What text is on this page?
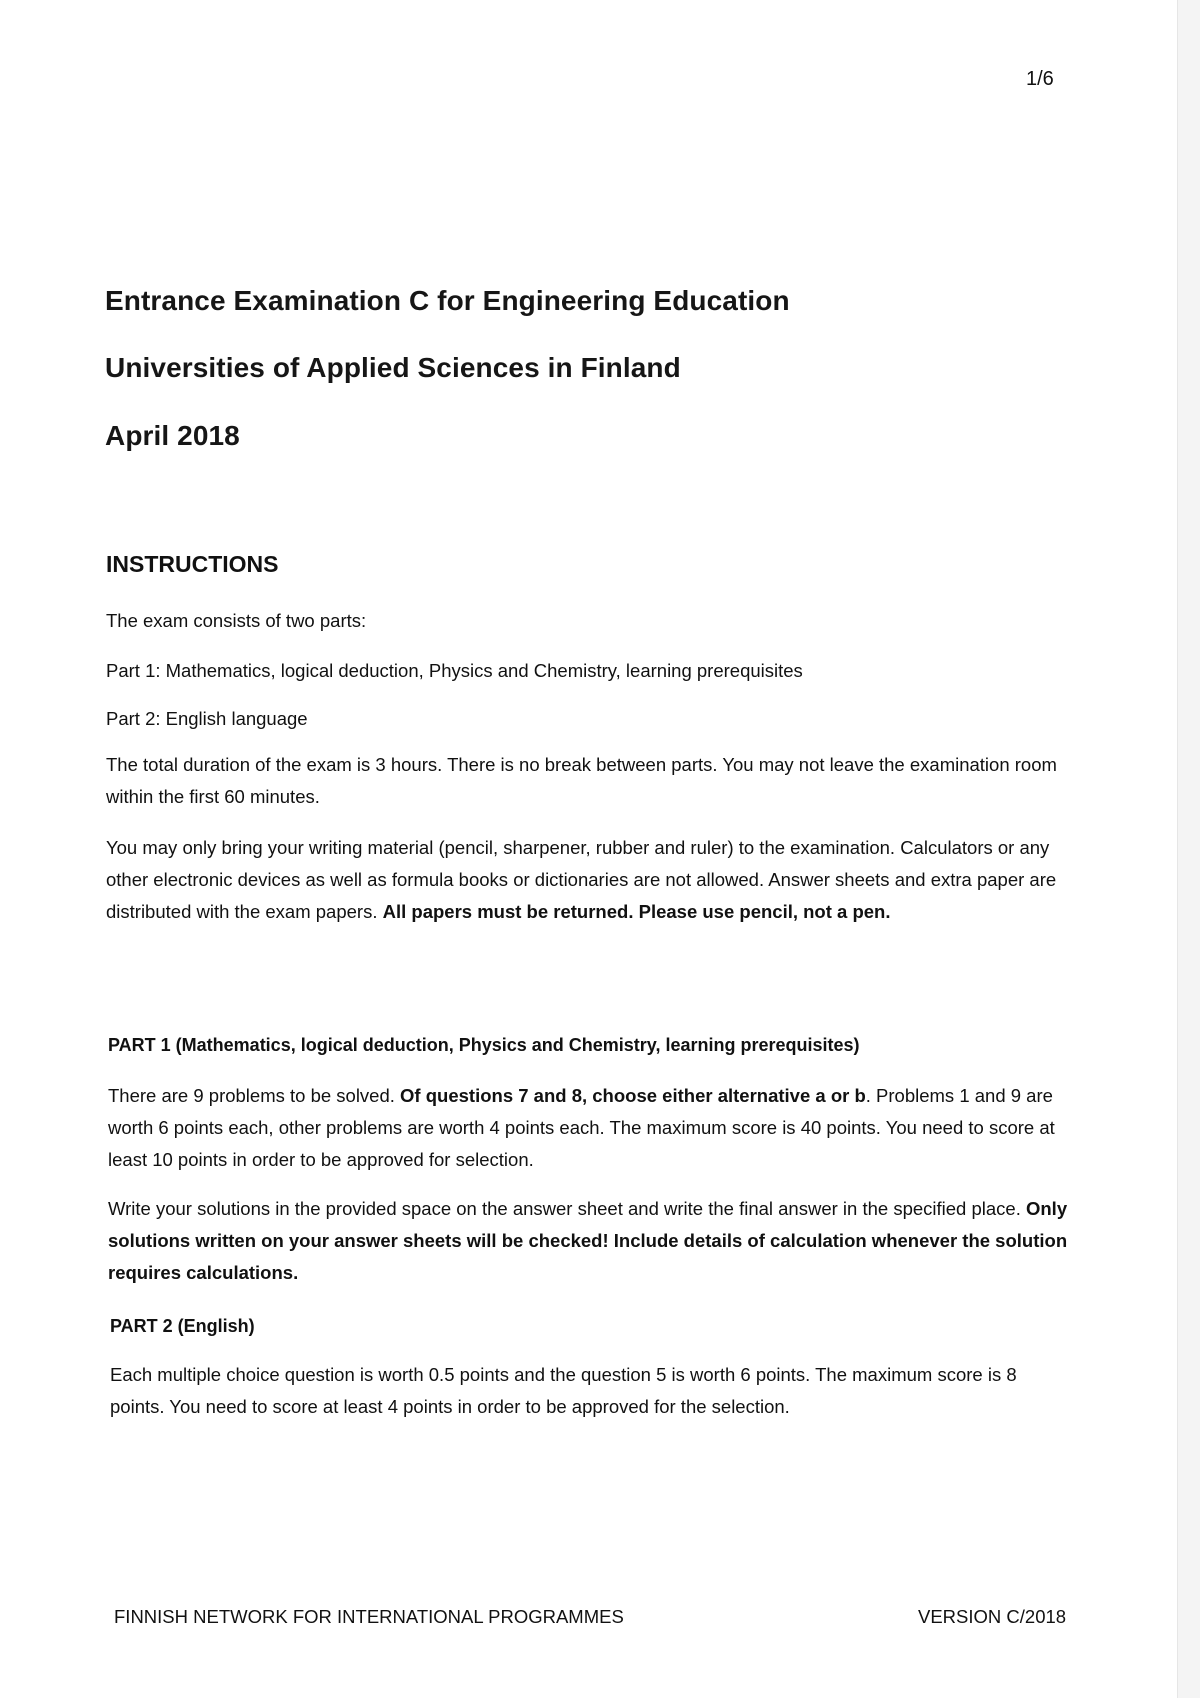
1/6
Entrance Examination C for Engineering Education
Universities of Applied Sciences in Finland
April 2018
INSTRUCTIONS

The exam consists of two parts:

Part 1: Mathematics, logical deduction, Physics and Chemistry, learning prerequisites

Part 2: English language

The total duration of the exam is 3 hours. There is no break between parts. You may not leave the examination room within the first 60 minutes.

You may only bring your writing material (pencil, sharpener, rubber and ruler) to the examination. Calculators or any other electronic devices as well as formula books or dictionaries are not allowed. Answer sheets and extra paper are distributed with the exam papers. All papers must be returned. Please use pencil, not a pen.

PART 1 (Mathematics, logical deduction, Physics and Chemistry, learning prerequisites)

There are 9 problems to be solved. Of questions 7 and 8, choose either alternative a or b. Problems 1 and 9 are worth 6 points each, other problems are worth 4 points each. The maximum score is 40 points. You need to score at least 10 points in order to be approved for selection.

Write your solutions in the provided space on the answer sheet and write the final answer in the specified place. Only solutions written on your answer sheets will be checked! Include details of calculation whenever the solution requires calculations.

PART 2 (English)

Each multiple choice question is worth 0.5 points and the question 5 is worth 6 points. The maximum score is 8 points. You need to score at least 4 points in order to be approved for the selection.

FINNISH NETWORK FOR INTERNATIONAL PROGRAMMES	VERSION C/2018
